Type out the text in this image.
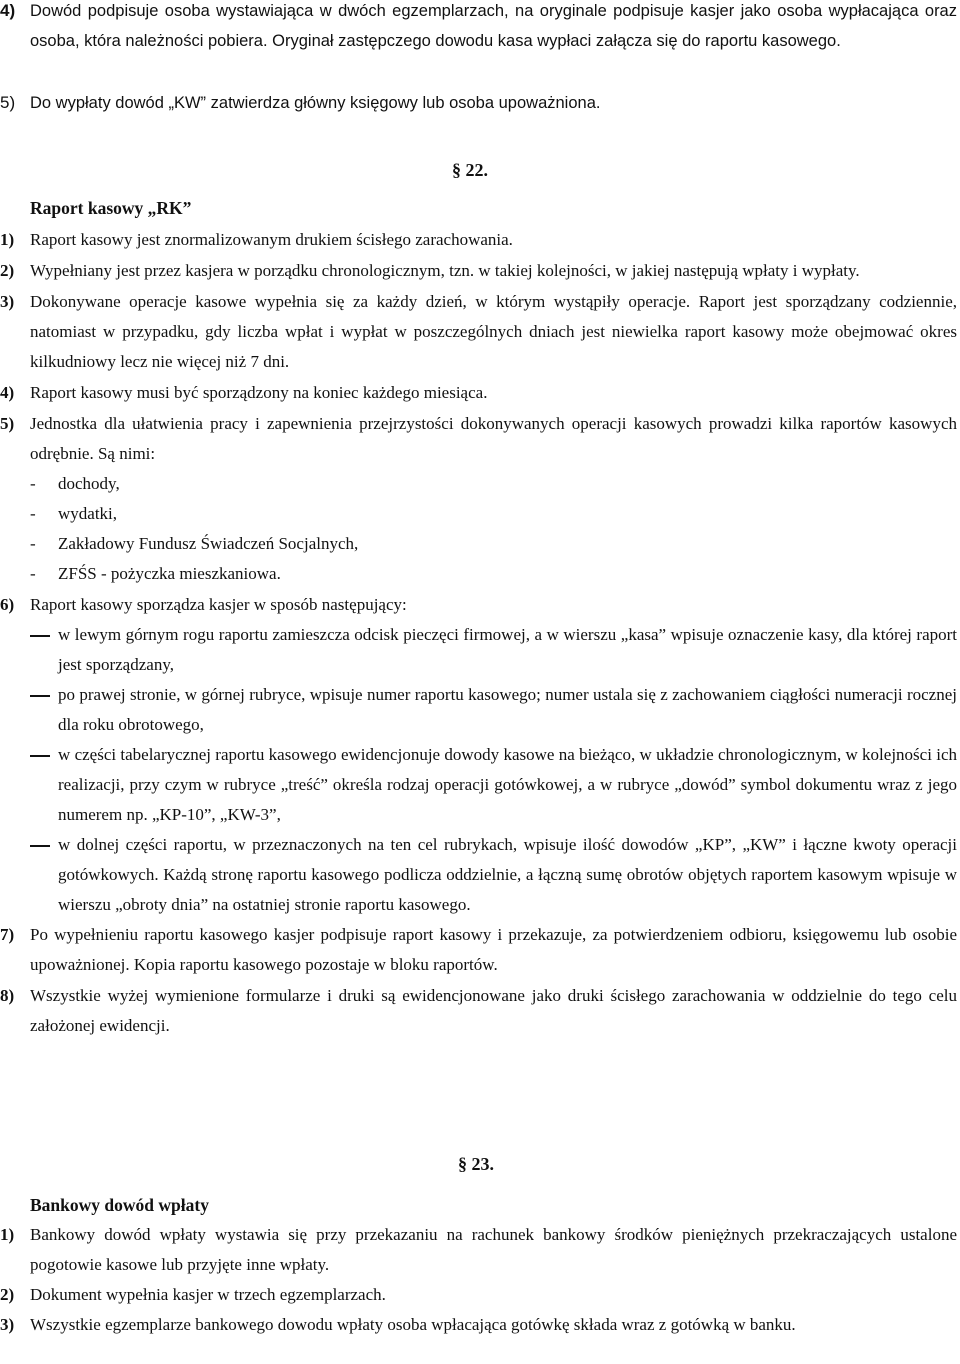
4) Dowód podpisuje osoba wystawiająca w dwóch egzemplarzach, na oryginale podpisuje kasjer jako osoba wypłacająca oraz osoba, która należności pobiera. Oryginał zastępczego dowodu kasa wypłaci załącza się do raportu kasowego.
5) Do wypłaty dowód „KW” zatwierdza główny księgowy lub osoba upoważniona.
§ 22.
Raport kasowy „RK”
1) Raport kasowy jest znormalizowanym drukiem ścisłego zarachowania.
2) Wypełniany jest przez kasjera w porządku chronologicznym, tzn. w takiej kolejności, w jakiej następują wpłaty i wypłaty.
3) Dokonywane operacje kasowe wypełnia się za każdy dzień, w którym wystąpiły operacje. Raport jest sporządzany codziennie, natomiast w przypadku, gdy liczba wpłat i wypłat w poszczególnych dniach jest niewielka raport kasowy może obejmować okres kilkudniowy lecz nie więcej niż 7 dni.
4) Raport kasowy musi być sporządzony na koniec każdego miesiąca.
5) Jednostka dla ułatwienia pracy i zapewnienia przejrzystości dokonywanych operacji kasowych prowadzi kilka raportów kasowych odrębnie. Są nimi:
-	dochody,
-	wydatki,
-	Zakładowy Fundusz Świadczeń Socjalnych,
-	ZFŚS - pożyczka mieszkaniowa.
6) Raport kasowy sporządza kasjer w sposób następujący:
w lewym górnym rogu raportu zamieszcza odcisk pieczęci firmowej, a w wierszu „kasa” wpisuje oznaczenie kasy, dla której raport jest sporządzany,
po prawej stronie, w górnej rubryce, wpisuje numer raportu kasowego; numer ustala się z zachowaniem ciągłości numeracji rocznej dla roku obrotowego,
w części tabelarycznej raportu kasowego ewidencjonuje dowody kasowe na bieżąco, w układzie chronologicznym, w kolejności ich realizacji, przy czym w rubryce „treść” określa rodzaj operacji gotówkowej, a w rubryce „dowód” symbol dokumentu wraz z jego numerem np. „KP-10”, „KW-3”,
w dolnej części raportu, w przeznaczonych na ten cel rubrykach, wpisuje ilość dowodów „KP”, „KW” i łączne kwoty operacji gotówkowych. Każdą stronę raportu kasowego podlicza oddzielnie, a łączną sumę obrotów objętych raportem kasowym wpisuje w wierszu „obroty dnia” na ostatniej stronie raportu kasowego.
7) Po wypełnieniu raportu kasowego kasjer podpisuje raport kasowy i przekazuje, za potwierdzeniem odbioru, księgowemu lub osobie upoważnionej. Kopia raportu kasowego pozostaje w bloku raportów.
8) Wszystkie wyżej wymienione formularze i druki są ewidencjonowane jako druki ścisłego zarachowania w oddzielnie do tego celu założonej ewidencji.
§ 23.
Bankowy dowód wpłaty
1) Bankowy dowód wpłaty wystawia się przy przekazaniu na rachunek bankowy środków pieniężnych przekraczających ustalone pogotowie kasowe lub przyjęte inne wpłaty.
2) Dokument wypełnia kasjer w trzech egzemplarzach.
3) Wszystkie egzemplarze bankowego dowodu wpłaty osoba wpłacająca gotówkę składa wraz z gotówką w banku.
